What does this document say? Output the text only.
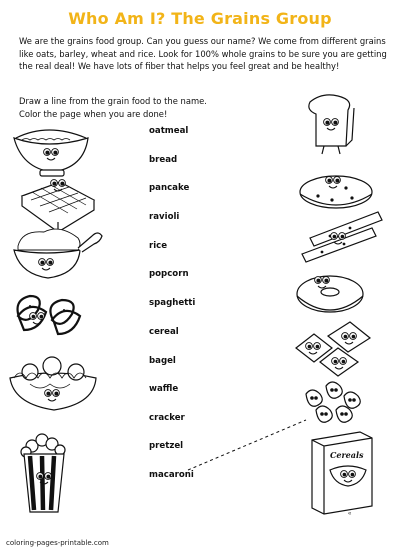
Who Am I? The Grains Group
We are the grains food group. Can you guess our name? We come from different grains like oats, barley, wheat and rice. Look for 100% whole grains to be sure you are getting the real deal! We have lots of fiber that helps you feel great and be healthy!
Draw a line from the grain food to the name.
Color the page when you are done!
oatmeal
bread
pancake
ravioli
rice
popcorn
spaghetti
cereal
bagel
waffle
cracker
pretzel
macaroni
Cereals
«
coloring-pages-printable.com
